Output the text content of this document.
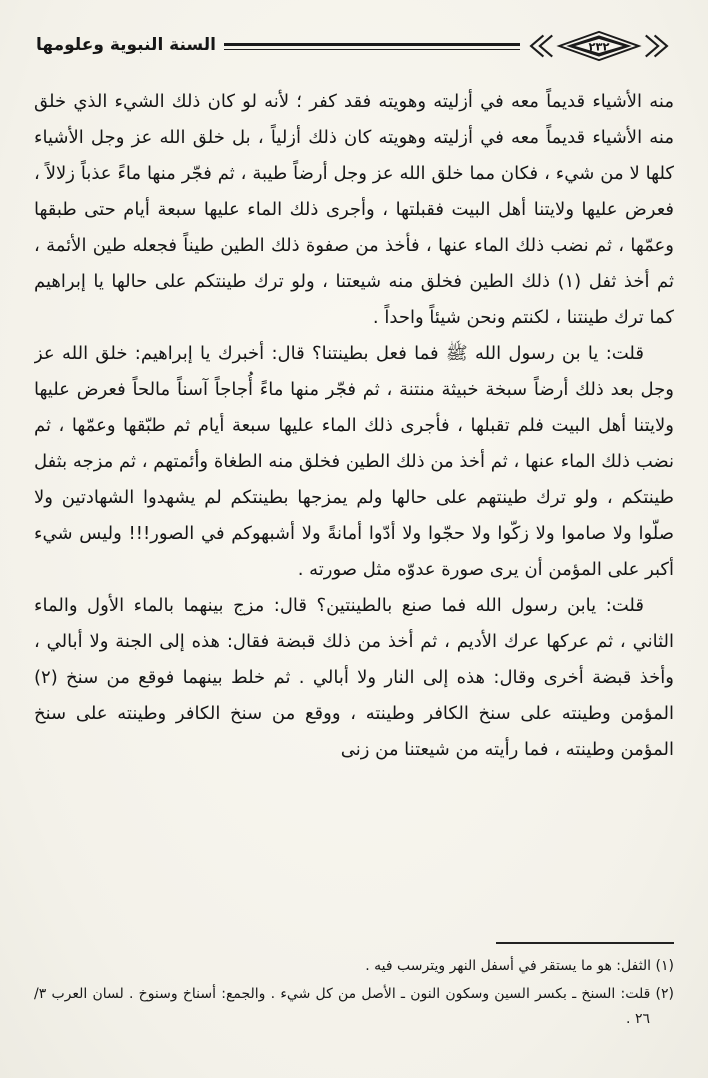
٢٣٢
السنة النبوية وعلومها

منه الأشياء قديماً معه في أزليته وهويته فقد كفر ؛ لأنه لو كان ذلك الشيء الذي خلق منه الأشياء قديماً معه في أزليته وهويته كان ذلك أزلياً ، بل خلق الله عز وجل الأشياء كلها لا من شيء ، فكان مما خلق الله عز وجل أرضاً طيبة ، ثم فجّر منها ماءً عذباً زلالاً ، فعرض عليها ولايتنا أهل البيت فقبلتها ، وأجرى ذلك الماء عليها سبعة أيام حتى طبقها وعمّها ، ثم نضب ذلك الماء عنها ، فأخذ من صفوة ذلك الطين طيناً فجعله طين الأئمة ، ثم أخذ ثفل (١) ذلك الطين فخلق منه شيعتنا ، ولو ترك طينتكم على حالها يا إبراهيم كما ترك طينتنا ، لكنتم ونحن شيئاً واحداً .

قلت: يا بن رسول الله ﷺ فما فعل بطينتنا؟ قال: أخبرك يا إبراهيم: خلق الله عز وجل بعد ذلك أرضاً سبخة خبيثة منتنة ، ثم فجّر منها ماءً أُجاجاً آسناً مالحاً فعرض عليها ولايتنا أهل البيت فلم تقبلها ، فأجرى ذلك الماء عليها سبعة أيام ثم طبّقها وعمّها ، ثم نضب ذلك الماء عنها ، ثم أخذ من ذلك الطين فخلق منه الطغاة وأئمتهم ، ثم مزجه بثفل طينتكم ، ولو ترك طينتهم على حالها ولم يمزجها بطينتكم لم يشهدوا الشهادتين ولا صلّوا ولا صاموا ولا زكّوا ولا حجّوا ولا أدّوا أمانةً ولا أشبهوكم في الصور!!! وليس شيء أكبر على المؤمن أن يرى صورة عدوّه مثل صورته .

قلت: يابن رسول الله فما صنع بالطينتين؟ قال: مزج بينهما بالماء الأول والماء الثاني ، ثم عركها عرك الأديم ، ثم أخذ من ذلك قبضة فقال: هذه إلى الجنة ولا أبالي ، وأخذ قبضة أخرى وقال: هذه إلى النار ولا أبالي . ثم خلط بينهما فوقع من سنخ (٢) المؤمن وطينته على سنخ الكافر وطينته ، ووقع من سنخ الكافر وطينته على سنخ المؤمن وطينته ، فما رأيته من شيعتنا من زنى

(١) الثفل: هو ما يستقر في أسفل النهر ويترسب فيه .

(٢) قلت: السنخ ـ بكسر السين وسكون النون ـ الأصل من كل شيء . والجمع: أسناخ وسنوخ . لسان العرب ٣/ ٢٦ .
